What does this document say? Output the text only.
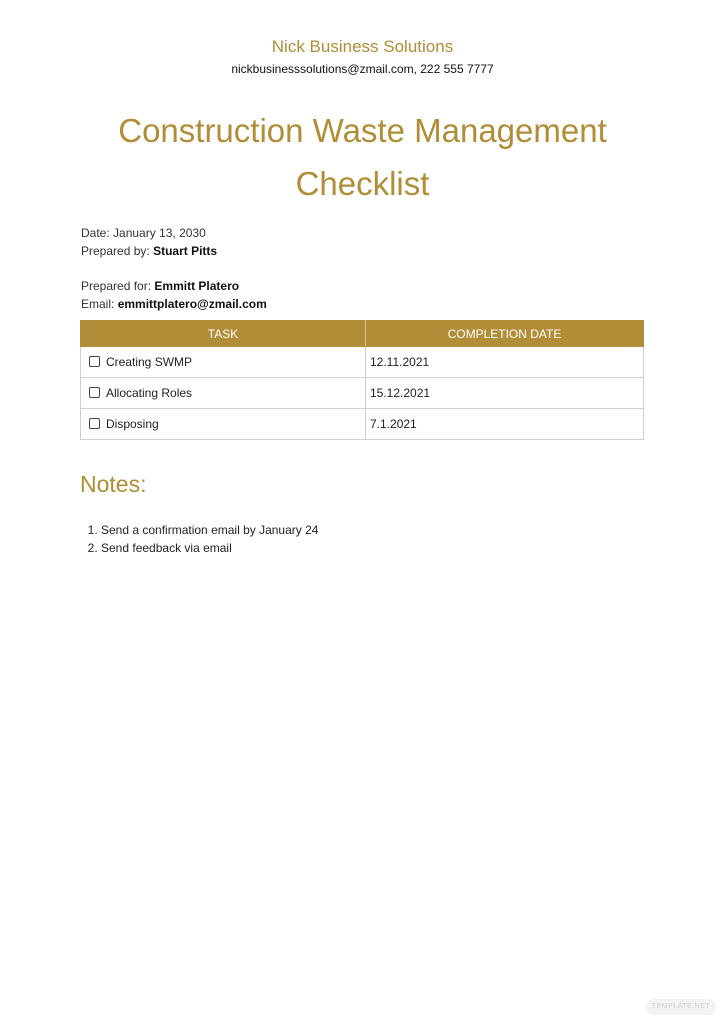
Nick Business Solutions
nickbusinesssolutions@zmail.com, 222 555 7777
Construction Waste Management Checklist
Date: January 13, 2030
Prepared by: Stuart Pitts
Prepared for: Emmitt Platero
Email: emmittplatero@zmail.com
TASK	COMPLETION DATE
Creating SWMP	12.11.2021
Allocating Roles	15.12.2021
Disposing	7.1.2021
Notes:
1. Send a confirmation email by January 24
2. Send feedback via email
TEMPLATE.NET
